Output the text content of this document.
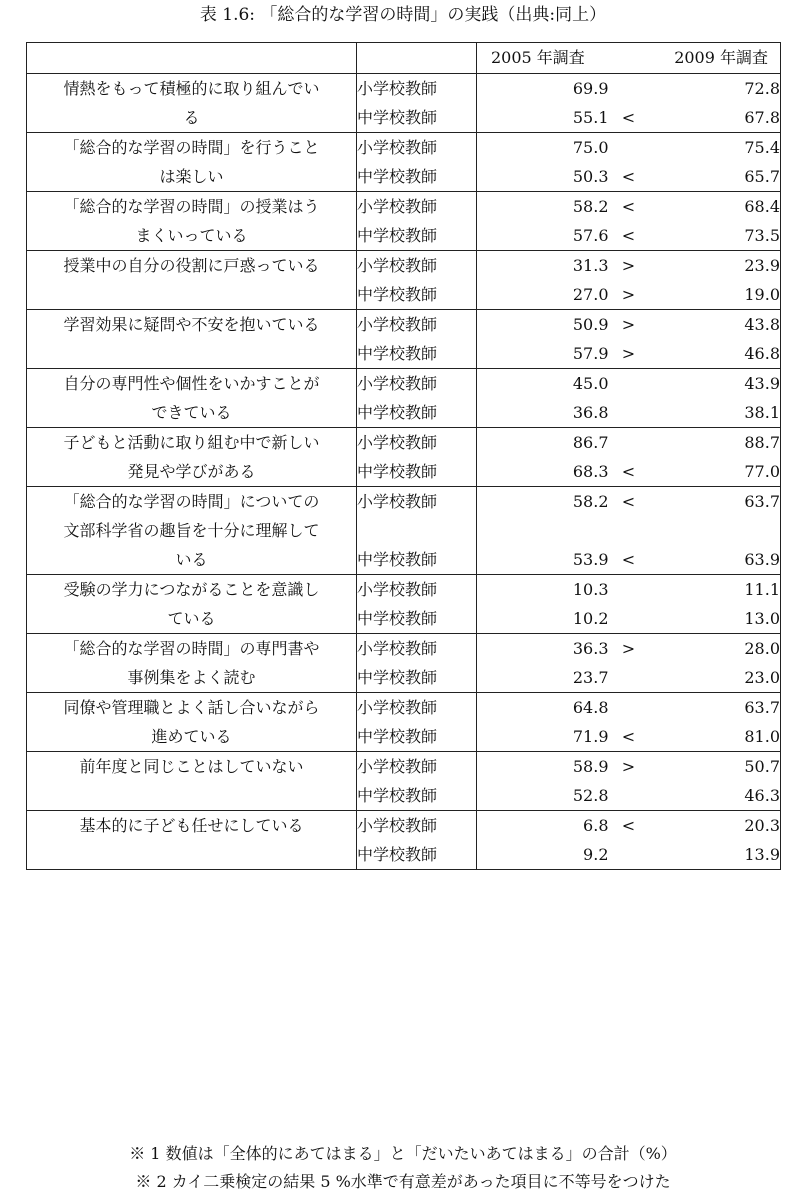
表 1.6: 「総合的な学習の時間」の実践（出典:同上）
		2005 年調査		2009 年調査

情熱をもって積極的に取り組んでい
る	小学校教師	69.9		72.8
	中学校教師	55.1	<	67.8

「総合的な学習の時間」を行うこと
は楽しい	小学校教師	75.0		75.4
	中学校教師	50.3	<	65.7

「総合的な学習の時間」の授業はう
まくいっている	小学校教師	58.2	<	68.4
	中学校教師	57.6	<	73.5

授業中の自分の役割に戸惑っている	小学校教師	31.3	>	23.9
	中学校教師	27.0	>	19.0

学習効果に疑問や不安を抱いている	小学校教師	50.9	>	43.8
	中学校教師	57.9	>	46.8

自分の専門性や個性をいかすことが
できている	小学校教師	45.0		43.9
	中学校教師	36.8		38.1

子どもと活動に取り組む中で新しい
発見や学びがある	小学校教師	86.7		88.7
	中学校教師	68.3	<	77.0

「総合的な学習の時間」についての
文部科学省の趣旨を十分に理解して
いる	小学校教師	58.2	<	63.7
	中学校教師	53.9	<	63.9

受験の学力につながることを意識し
ている	小学校教師	10.3		11.1
	中学校教師	10.2		13.0

「総合的な学習の時間」の専門書や
事例集をよく読む	小学校教師	36.3	>	28.0
	中学校教師	23.7		23.0

同僚や管理職とよく話し合いながら
進めている	小学校教師	64.8		63.7
	中学校教師	71.9	<	81.0

前年度と同じことはしていない	小学校教師	58.9	>	50.7
	中学校教師	52.8		46.3

基本的に子ども任せにしている	小学校教師	6.8	<	20.3
	中学校教師	9.2		13.9
※ 1 数値は「全体的にあてはまる」と「だいたいあてはまる」の合計（%）
※ 2 カイ二乗検定の結果 5 %水準で有意差があった項目に不等号をつけた
